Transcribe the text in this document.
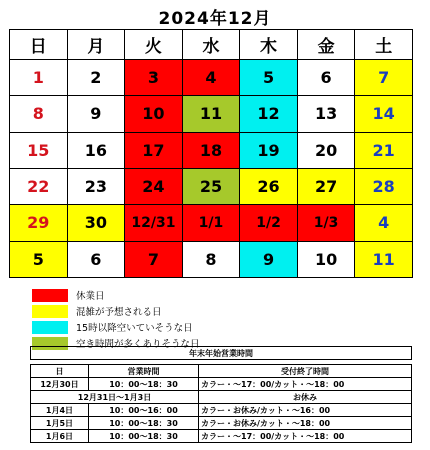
2024年12月
日	月	火	水	木	金	土
1	2	3	4	5	6	7
8	9	10	11	12	13	14
15	16	17	18	19	20	21
22	23	24	25	26	27	28
29	30	12/31	1/1	1/2	1/3	4
5	6	7	8	9	10	11
休業日
混雑が予想される日
15時以降空いていそうな日
空き時間が多くありそうな日
年末年始営業時間		

日	営業時間	受付終了時間
12月30日	10：00～18：30	カラー・～17：00/カット・～18：00
12月31日～1月3日		お休み
1月4日	10：00～16：00	カラー・お休み/カット・～16：00
1月5日	10：00～18：30	カラー・お休み/カット・～18：00
1月6日	10：00～18：30	カラー・～17：00/カット・～18：00
